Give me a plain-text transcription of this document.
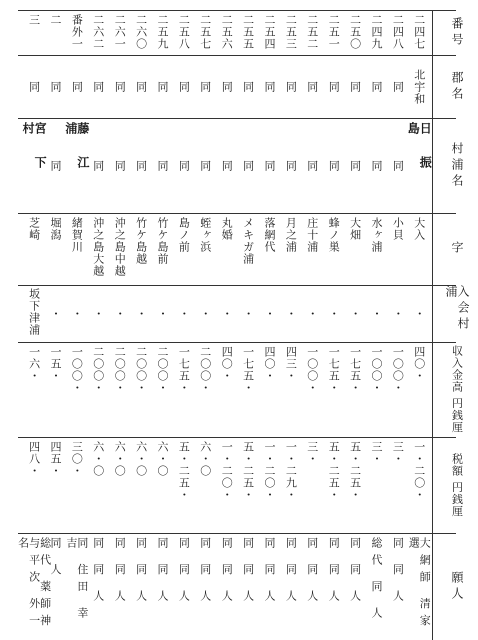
番号
郡名
村浦名
字
入会村浦
収入金高 円銭厘
税額 円銭厘
願人
二四七
北宇和
日振島
大入
・
四〇・
一・二〇・
大網師 清家 選
二四八
同
同
小貝
・
一〇〇・
三・
同 同 人
二四九
同
同
水ヶ浦
・
一〇〇・
三・
総代 同 人
二五〇
同
同
大畑
・
一七五・
五・二五・
同 同 人
二五一
同
同
蜂ノ巣
・
一七五・
五・二五・
同 同 人
二五二
同
同
庄十浦
・
一〇〇・
三・
同 同 人
二五三
同
同
月之浦
・
四三・
一・二九・
同 同 人
二五四
同
同
落網代
・
四〇・
一・二〇・
同 同 人
二五五
同
同
メキガ浦
・
一七五・
五・二五・
同 同 人
二五六
同
同
丸婚
・
四〇・
一・二〇・
同 同 人
二五七
同
同
蛭ヶ浜
・
二〇〇・
六・〇
同 同 人
二五八
同
同
島ノ前
・
一七五・
五・二五・
同 同 人
二五九
同
同
竹ケ島前
・
二〇〇・
六・〇
同 同 人
二六〇
同
同
竹ケ島越
・
二〇〇・
六・〇
同 同 人
二六一
同
同
沖之島中越
・
二〇〇・
六・〇
同 同 人
二六二
同
同
沖之島大越
・
二〇〇・
六・〇
同 同 人
番外一
同
藤江浦
緒賀川
・
一〇〇・
三〇・
同 住田 幸吉
二
同
同
堀潟
・
一五・
四五・
同 人
三
同
宮下村
芝崎
坂下津浦
一六・
四八・
総代 薬師神与平次 外一名
